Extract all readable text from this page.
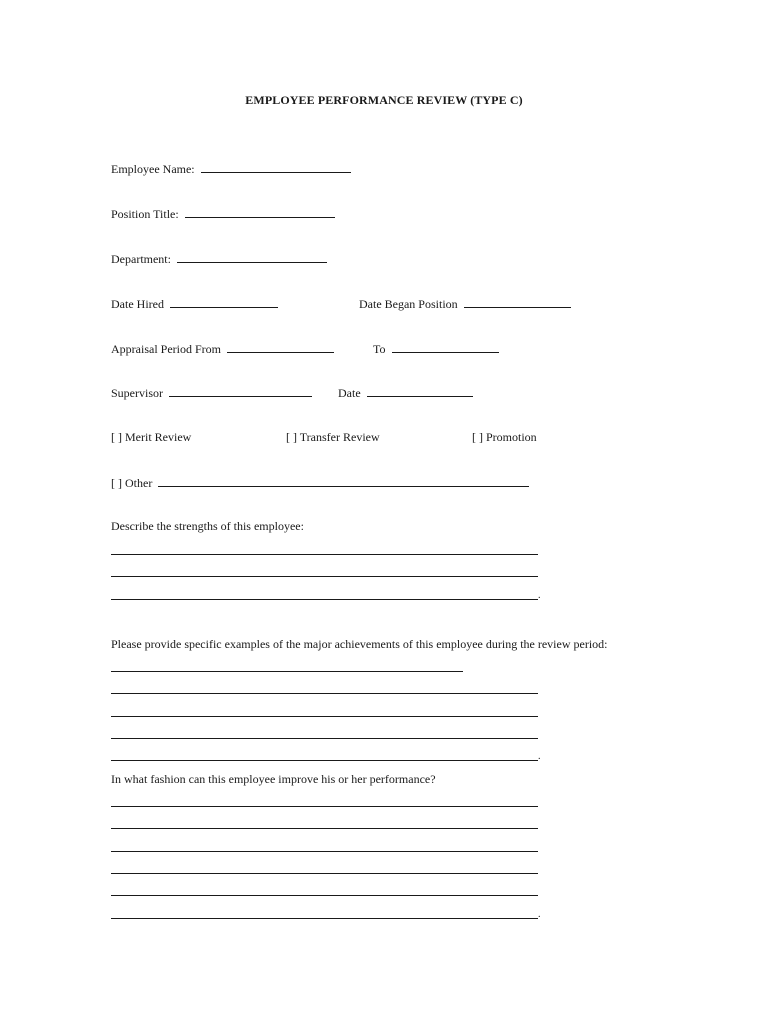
EMPLOYEE PERFORMANCE REVIEW (TYPE C)
Employee Name:
Position Title:
Department:
Date Hired	Date Began Position
Appraisal Period From	To
Supervisor	Date
[ ] Merit Review	[ ] Transfer Review	[ ] Promotion
[ ] Other
Describe the strengths of this employee:
.
Please provide specific examples of the major achievements of this employee during the review period:
.
In what fashion can this employee improve his or her performance?
.
